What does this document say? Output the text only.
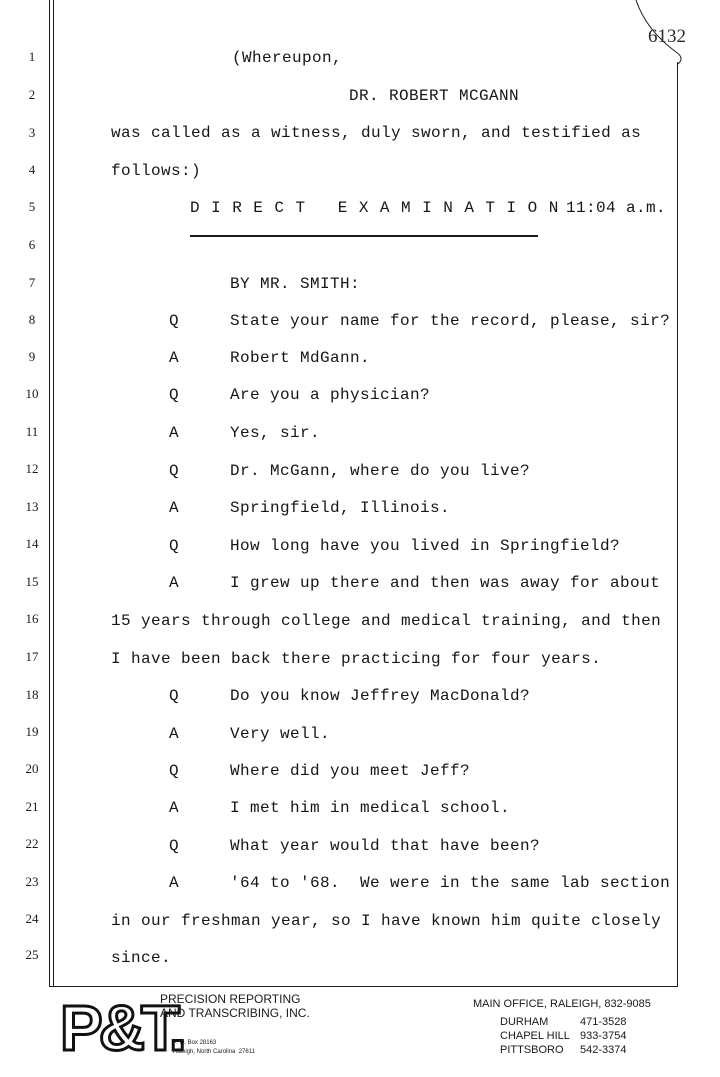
6132
1
2
3
4
5
6
7
8
9
10
11
12
13
14
15
16
17
18
19
20
21
22
23
24
25
(Whereupon,
DR. ROBERT MCGANN
was called as a witness, duly sworn, and testified as
follows:)
DIRECT EXAMINATION
11:04 a.m.
BY MR. SMITH:
Q	State your name for the record, please, sir?
A	Robert MdGann.
Q	Are you a physician?
A	Yes, sir.
Q	Dr. McGann, where do you live?
A	Springfield, Illinois.
Q	How long have you lived in Springfield?
A	I grew up there and then was away for about
15 years through college and medical training, and then
I have been back there practicing for four years.
Q	Do you know Jeffrey MacDonald?
A	Very well.
Q	Where did you meet Jeff?
A	I met him in medical school.
Q	What year would that have been?
A	'64 to '68.  We were in the same lab section
in our freshman year, so I have known him quite closely
since.
P&T.
PRECISION REPORTING
AND TRANSCRIBING, INC.
P. O. Box 28163
Raleigh, North Carolina  27611
MAIN OFFICE, RALEIGH, 832-9085
DURHAM	471-3528
CHAPEL HILL 933-3754
PITTSBORO 542-3374
